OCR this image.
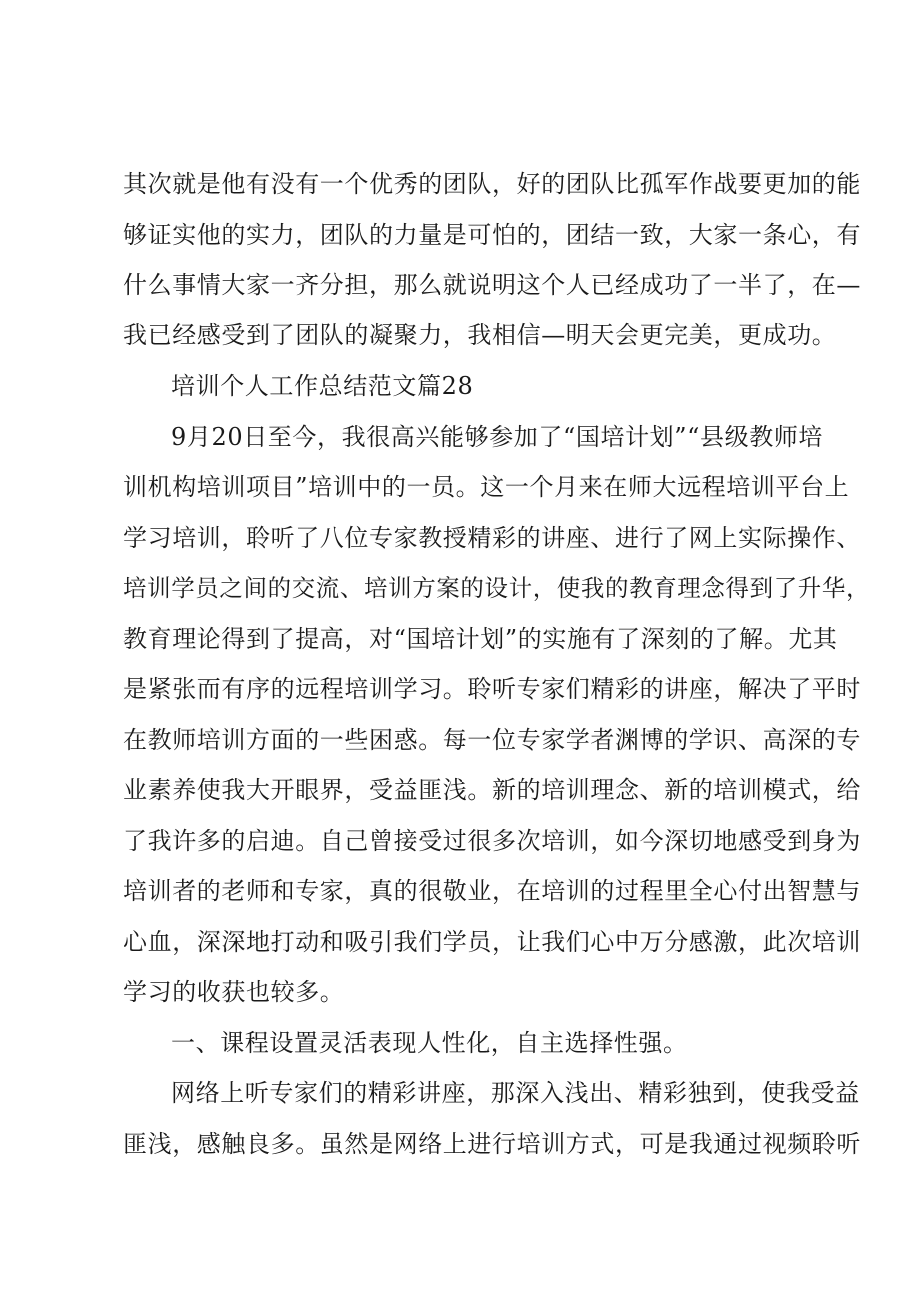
其次就是他有没有一个优秀的团队，好的团队比孤军作战要更加的能
够证实他的实力，团队的力量是可怕的，团结一致，大家一条心，有
什么事情大家一齐分担，那么就说明这个人已经成功了一半了，在—
我已经感受到了团队的凝聚力，我相信—明天会更完美，更成功。
培训个人工作总结范文篇28
9月20日至今，我很高兴能够参加了“国培计划”“县级教师培
训机构培训项目”培训中的一员。这一个月来在师大远程培训平台上
学习培训，聆听了八位专家教授精彩的讲座、进行了网上实际操作、
培训学员之间的交流、培训方案的设计，使我的教育理念得到了升华，
教育理论得到了提高，对“国培计划”的实施有了深刻的了解。尤其
是紧张而有序的远程培训学习。聆听专家们精彩的讲座，解决了平时
在教师培训方面的一些困惑。每一位专家学者渊博的学识、高深的专
业素养使我大开眼界，受益匪浅。新的培训理念、新的培训模式，给
了我许多的启迪。自己曾接受过很多次培训，如今深切地感受到身为
培训者的老师和专家，真的很敬业，在培训的过程里全心付出智慧与
心血，深深地打动和吸引我们学员，让我们心中万分感激，此次培训
学习的收获也较多。
一、课程设置灵活表现人性化，自主选择性强。
网络上听专家们的精彩讲座，那深入浅出、精彩独到，使我受益
匪浅，感触良多。虽然是网络上进行培训方式，可是我通过视频聆听
